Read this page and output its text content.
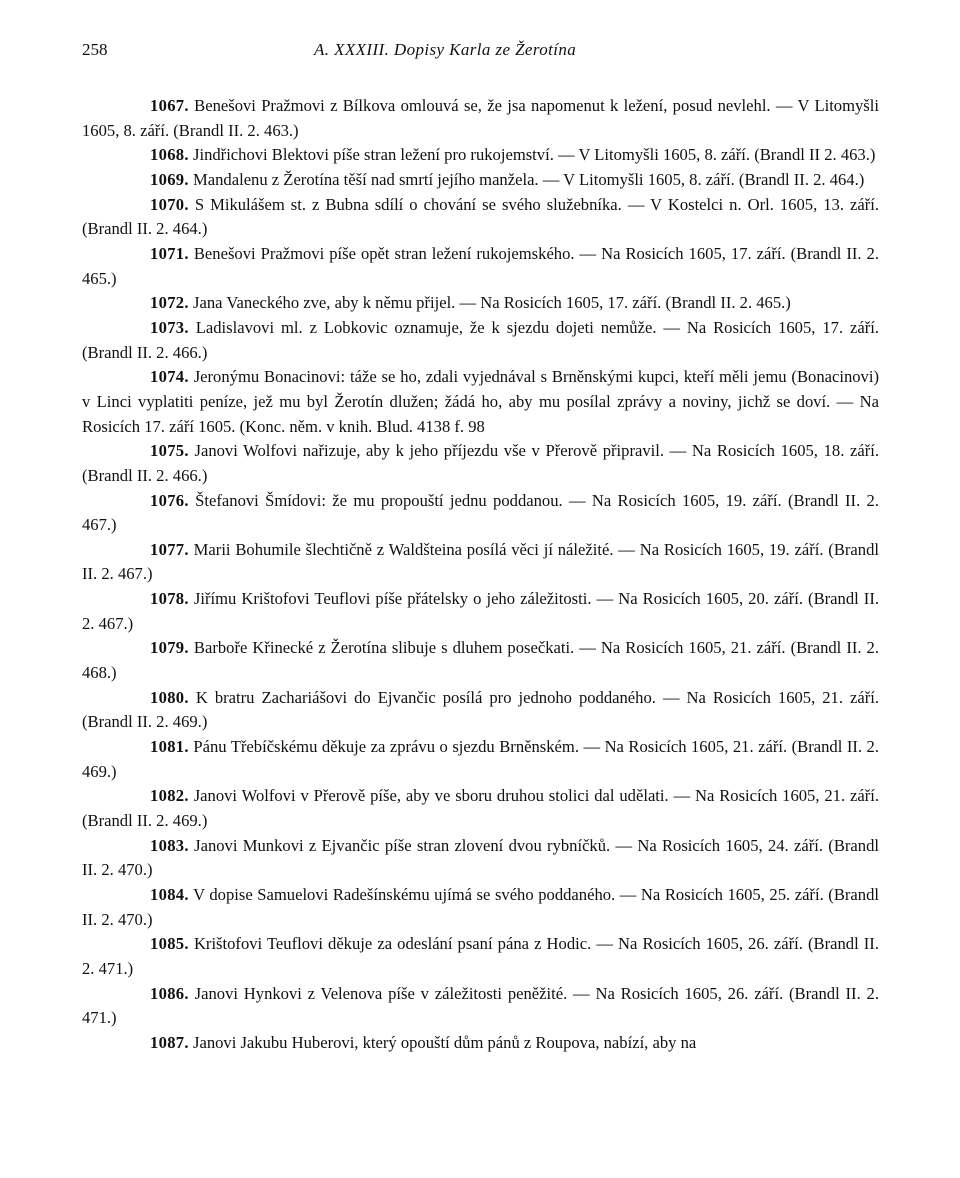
258	A. XXXIII. Dopisy Karla ze Žerotína

1067. Benešovi Pražmovi z Bílkova omlouvá se, že jsa napomenut k ležení, posud nevlehl. — V Litomyšli 1605, 8. září. (Brandl II. 2. 463.)

1068. Jindřichovi Blektovi píše stran ležení pro rukojemství. — V Litomyšli 1605, 8. září. (Brandl II 2. 463.)

1069. Mandalenu z Žerotína těší nad smrtí jejího manžela. — V Litomyšli 1605, 8. září. (Brandl II. 2. 464.)

1070. S Mikulášem st. z Bubna sdílí o chování se svého služebníka. — V Kostelci n. Orl. 1605, 13. září. (Brandl II. 2. 464.)

1071. Benešovi Pražmovi píše opět stran ležení rukojemského. — Na Rosicích 1605, 17. září. (Brandl II. 2. 465.)

1072. Jana Vaneckého zve, aby k němu přijel. — Na Rosicích 1605, 17. září. (Brandl II. 2. 465.)

1073. Ladislavovi ml. z Lobkovic oznamuje, že k sjezdu dojeti nemůže. — Na Rosicích 1605, 17. září. (Brandl II. 2. 466.)

1074. Jeronýmu Bonacinovi: táže se ho, zdali vyjednával s Brněnskými kupci, kteří měli jemu (Bonacinovi) v Linci vyplatiti peníze, jež mu byl Žerotín dlužen; žádá ho, aby mu posílal zprávy a noviny, jichž se doví. — Na Rosicích 17. září 1605. (Konc. něm. v knih. Blud. 4138 f. 98

1075. Janovi Wolfovi nařizuje, aby k jeho příjezdu vše v Přerově připravil. — Na Rosicích 1605, 18. září. (Brandl II. 2. 466.)

1076. Štefanovi Šmídovi: že mu propouští jednu poddanou. — Na Rosicích 1605, 19. září. (Brandl II. 2. 467.)

1077. Marii Bohumile šlechtičně z Waldšteina posílá věci jí náležité. — Na Rosicích 1605, 19. září. (Brandl II. 2. 467.)

1078. Jiřímu Krištofovi Teuflovi píše přátelsky o jeho záležitosti. — Na Rosicích 1605, 20. září. (Brandl II. 2. 467.)

1079. Barboře Křinecké z Žerotína slibuje s dluhem posečkati. — Na Rosicích 1605, 21. září. (Brandl II. 2. 468.)

1080. K bratru Zachariášovi do Ejvančic posílá pro jednoho poddaného. — Na Rosicích 1605, 21. září. (Brandl II. 2. 469.)

1081. Pánu Třebíčskému děkuje za zprávu o sjezdu Brněnském. — Na Rosicích 1605, 21. září. (Brandl II. 2. 469.)

1082. Janovi Wolfovi v Přerově píše, aby ve sboru druhou stolici dal udělati. — Na Rosicích 1605, 21. září. (Brandl II. 2. 469.)

1083. Janovi Munkovi z Ejvančic píše stran zlovení dvou rybníčků. — Na Rosicích 1605, 24. září. (Brandl II. 2. 470.)

1084. V dopise Samuelovi Radešínskému ujímá se svého poddaného. — Na Rosicích 1605, 25. září. (Brandl II. 2. 470.)

1085. Krištofovi Teuflovi děkuje za odeslání psaní pána z Hodic. — Na Rosicích 1605, 26. září. (Brandl II. 2. 471.)

1086. Janovi Hynkovi z Velenova píše v záležitosti peněžité. — Na Rosicích 1605, 26. září. (Brandl II. 2. 471.)

1087. Janovi Jakubu Huberovi, který opouští dům pánů z Roupova, nabízí, aby na
